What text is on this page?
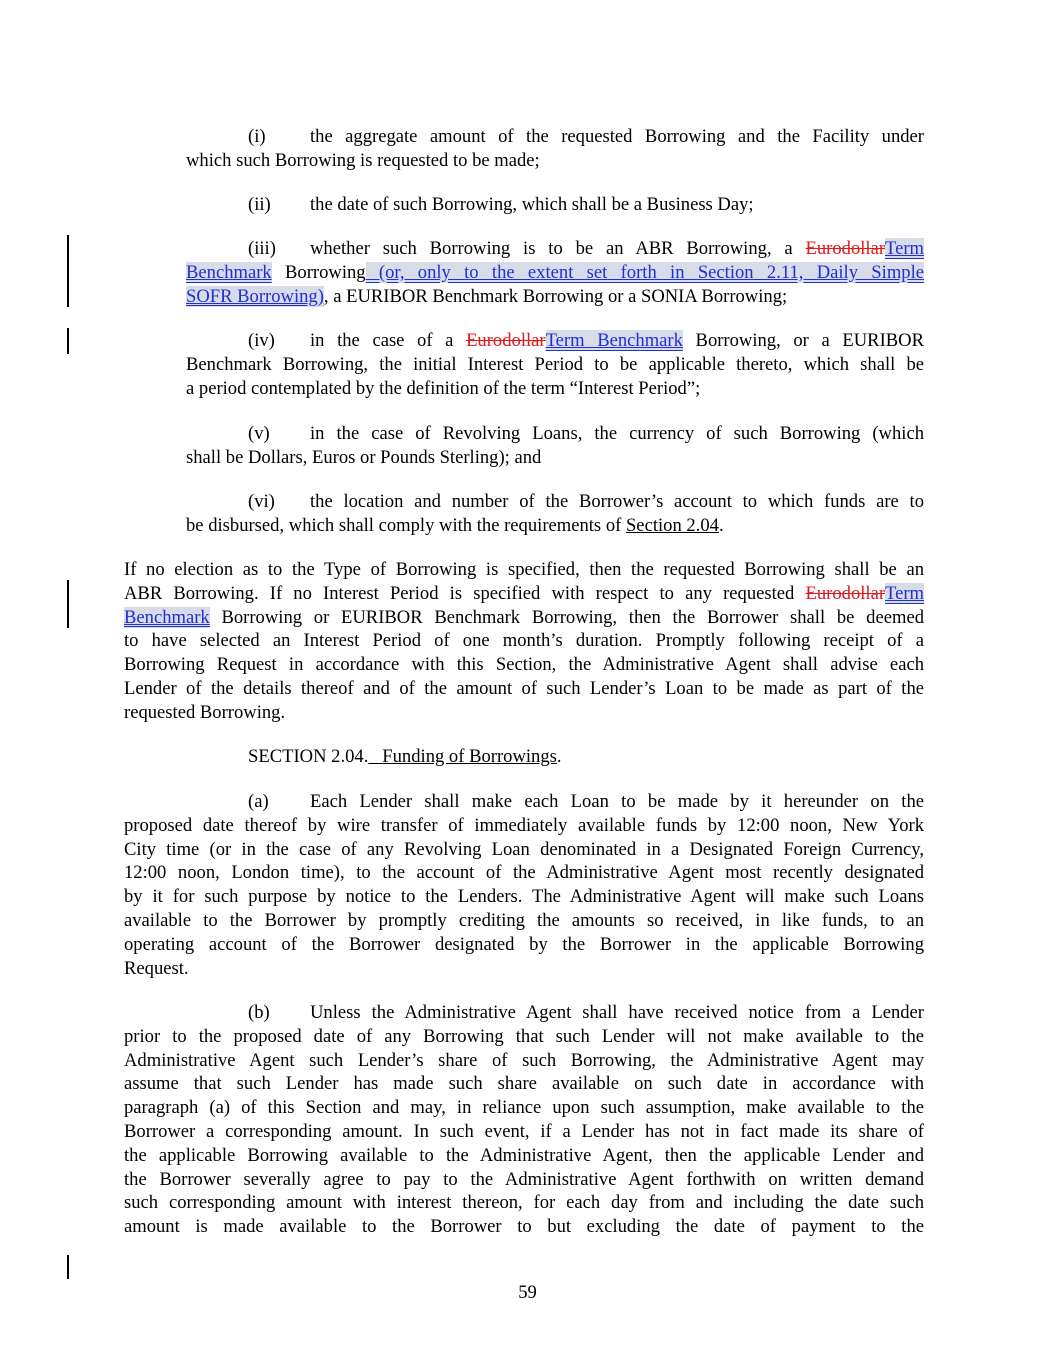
(i) the aggregate amount of the requested Borrowing and the Facility under
which such Borrowing is requested to be made;
(ii) the date of such Borrowing, which shall be a Business Day;
(iii) whether such Borrowing is to be an ABR Borrowing, a EurodollarTerm
Benchmark Borrowing (or, only to the extent set forth in Section 2.11, Daily Simple
SOFR Borrowing), a EURIBOR Benchmark Borrowing or a SONIA Borrowing;
(iv) in the case of a EurodollarTerm Benchmark Borrowing, or a EURIBOR
Benchmark Borrowing, the initial Interest Period to be applicable thereto, which shall be
a period contemplated by the definition of the term “Interest Period”;
(v) in the case of Revolving Loans, the currency of such Borrowing (which
shall be Dollars, Euros or Pounds Sterling); and
(vi) the location and number of the Borrower’s account to which funds are to
be disbursed, which shall comply with the requirements of Section 2.04.
If no election as to the Type of Borrowing is specified, then the requested Borrowing shall be an
ABR Borrowing. If no Interest Period is specified with respect to any requested EurodollarTerm
Benchmark Borrowing or EURIBOR Benchmark Borrowing, then the Borrower shall be deemed
to have selected an Interest Period of one month’s duration. Promptly following receipt of a
Borrowing Request in accordance with this Section, the Administrative Agent shall advise each
Lender of the details thereof and of the amount of such Lender’s Loan to be made as part of the
requested Borrowing.
SECTION 2.04. Funding of Borrowings.
(a) Each Lender shall make each Loan to be made by it hereunder on the
proposed date thereof by wire transfer of immediately available funds by 12:00 noon, New York
City time (or in the case of any Revolving Loan denominated in a Designated Foreign Currency,
12:00 noon, London time), to the account of the Administrative Agent most recently designated
by it for such purpose by notice to the Lenders. The Administrative Agent will make such Loans
available to the Borrower by promptly crediting the amounts so received, in like funds, to an
operating account of the Borrower designated by the Borrower in the applicable Borrowing
Request.
(b) Unless the Administrative Agent shall have received notice from a Lender
prior to the proposed date of any Borrowing that such Lender will not make available to the
Administrative Agent such Lender’s share of such Borrowing, the Administrative Agent may
assume that such Lender has made such share available on such date in accordance with
paragraph (a) of this Section and may, in reliance upon such assumption, make available to the
Borrower a corresponding amount. In such event, if a Lender has not in fact made its share of
the applicable Borrowing available to the Administrative Agent, then the applicable Lender and
the Borrower severally agree to pay to the Administrative Agent forthwith on written demand
such corresponding amount with interest thereon, for each day from and including the date such
amount is made available to the Borrower to but excluding the date of payment to the
59
